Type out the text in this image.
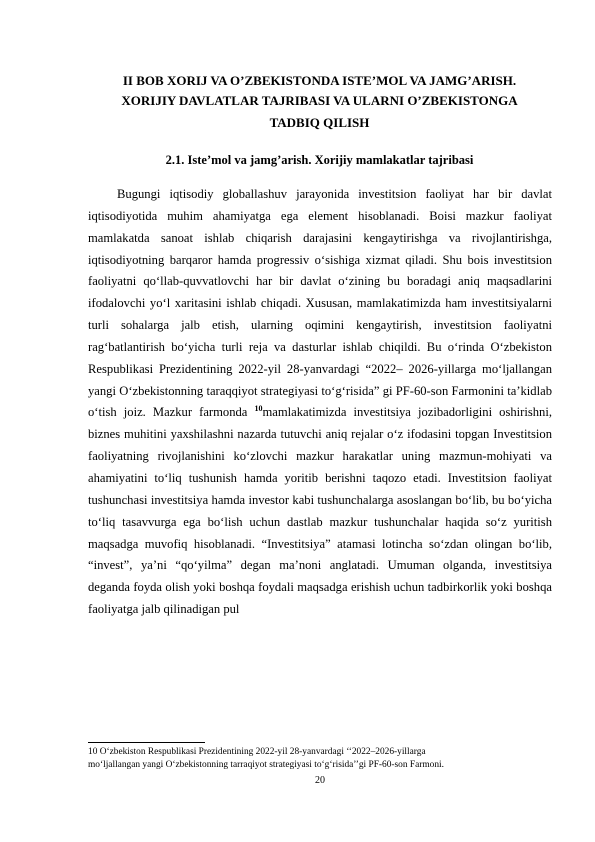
II BOB XORIJ VA O’ZBEKISTONDA ISTE’MOL VA JAMG’ARISH.
XORIJIY DAVLATLAR TAJRIBASI VA ULARNI O’ZBEKISTONGA
TADBIQ QILISH
2.1. Iste’mol va jamg’arish. Xorijiy mamlakatlar tajribasi

Bugungi iqtisodiy globallashuv jarayonida investitsion faoliyat har bir davlat iqtisodiyotida muhim ahamiyatga ega element hisoblanadi. Boisi mazkur faoliyat mamlakatda sanoat ishlab chiqarish darajasini kengaytirishga va rivojlantirishga, iqtisodiyotning barqaror hamda progressiv o‘sishiga xizmat qiladi. Shu bois investitsion faoliyatni qo‘llab-quvvatlovchi har bir davlat o‘zining bu boradagi aniq maqsadlarini ifodalovchi yo‘l xaritasini ishlab chiqadi. Xususan, mamlakatimizda ham investitsiyalarni turli sohalarga jalb etish, ularning oqimini kengaytirish, investitsion faoliyatni rag‘batlantirish bo‘yicha turli reja va dasturlar ishlab chiqildi. Bu o‘rinda O‘zbekiston Respublikasi Prezidentining 2022-yil 28-yanvardagi “2022– 2026-yillarga mo‘ljallangan yangi O‘zbekistonning taraqqiyot strategiyasi to‘g‘risida” gi PF-60-son Farmonini ta’kidlab o‘tish joiz. Mazkur farmonda $^{10}$mamlakatimizda investitsiya jozibadorligini oshirishni, biznes muhitini yaxshilashni nazarda tutuvchi aniq rejalar o‘z ifodasini topgan Investitsion faoliyatning rivojlanishini ko‘zlovchi mazkur harakatlar uning mazmun-mohiyati va ahamiyatini to‘liq tushunish hamda yoritib berishni taqozo etadi. Investitsion faoliyat tushunchasi investitsiya hamda investor kabi tushunchalarga asoslangan bo‘lib, bu bo‘yicha to‘liq tasavvurga ega bo‘lish uchun dastlab mazkur tushunchalar haqida so‘z yuritish maqsadga muvofiq hisoblanadi. “Investitsiya” atamasi lotincha so‘zdan olingan bo‘lib, “invest”, ya’ni “qo‘yilma” degan ma’noni anglatadi. Umuman olganda, investitsiya deganda foyda olish yoki boshqa foydali maqsadga erishish uchun tadbirkorlik yoki boshqa faoliyatga jalb qilinadigan pul

10 O‘zbekiston Respublikasi Prezidentining 2022-yil 28-yanvardagi ‘‘2022–2026-yillarga
mo‘ljallangan yangi O‘zbekistonning tarraqiyot strategiyasi to‘g‘risida’’gi PF-60-son Farmoni.

20
